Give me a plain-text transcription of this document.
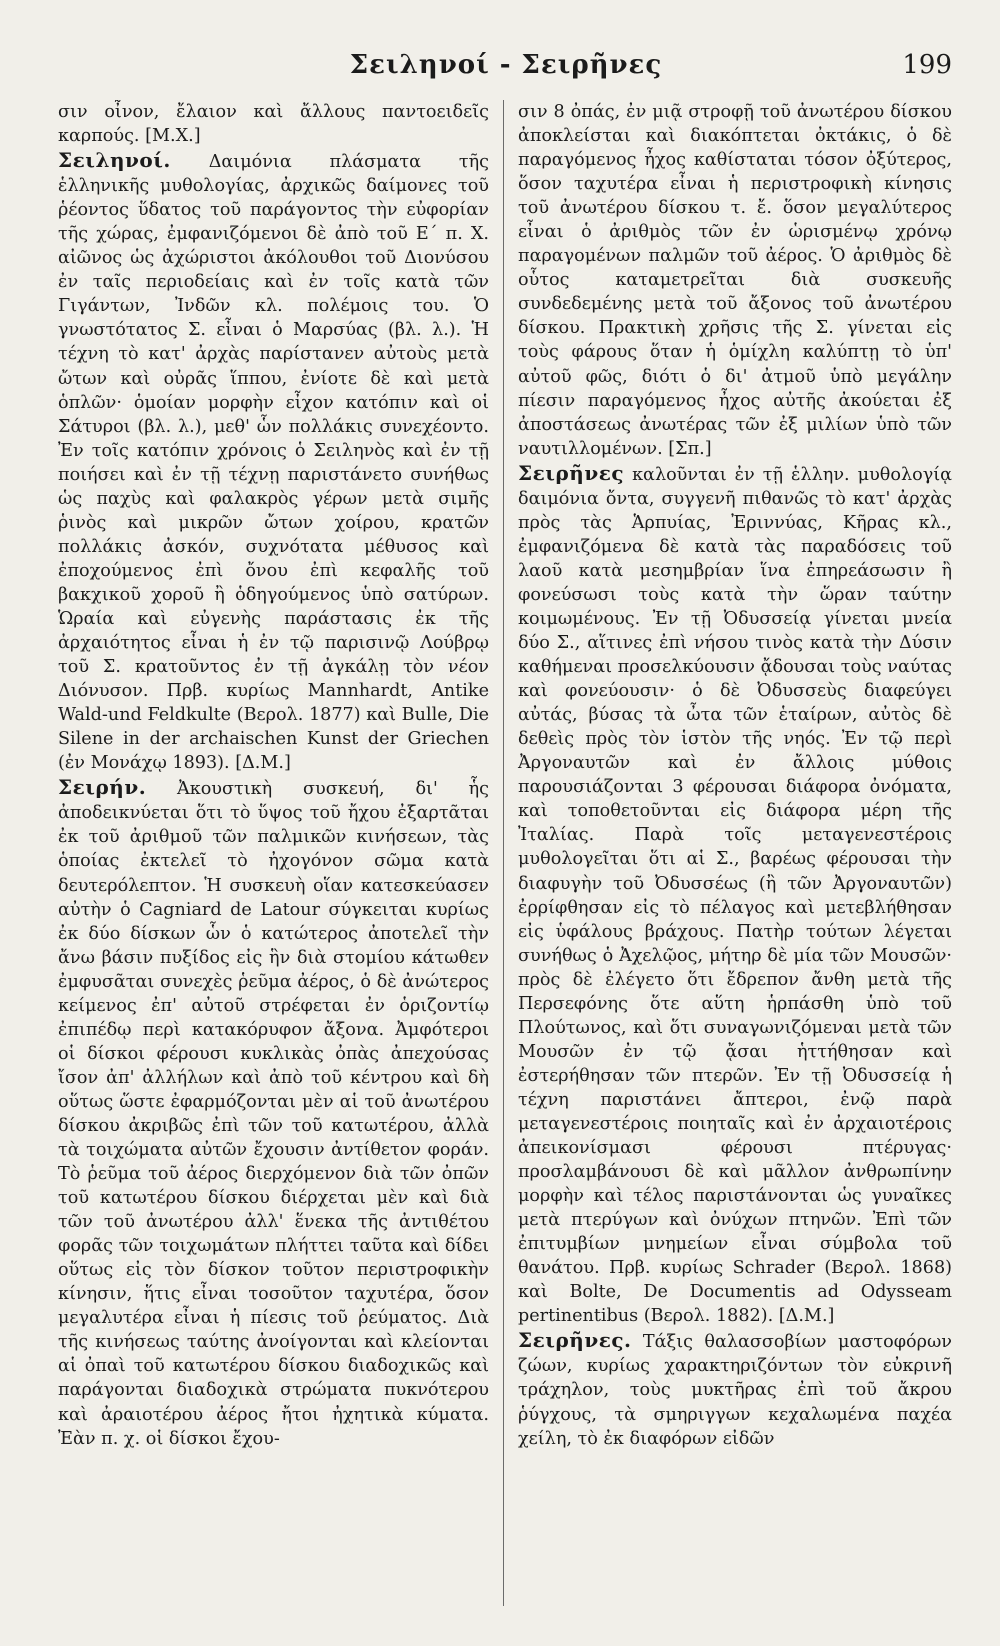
Σειληνοί - Σειρῆνες	199

σιν οἶνον, ἔλαιον καὶ ἄλλους παντοειδεῖς καρπούς. [Μ.Χ.]

Σειληνοί. Δαιμόνια πλάσματα τῆς ἑλληνικῆς μυθολογίας, ἀρχικῶς δαίμονες τοῦ ῥέοντος ὕδατος τοῦ παράγοντος τὴν εὐφορίαν τῆς χώρας, ἐμφανιζόμενοι δὲ ἀπὸ τοῦ Ε΄ π. Χ. αἰῶνος ὡς ἀχώριστοι ἀκόλουθοι τοῦ Διονύσου ἐν ταῖς περιοδείαις καὶ ἐν τοῖς κατὰ τῶν Γιγάντων, Ἰνδῶν κλ. πολέμοις του. Ὁ γνωστότατος Σ. εἶναι ὁ Μαρσύας (βλ. λ.). Ἡ τέχνη τὸ κατ' ἀρχὰς παρίστανεν αὐτοὺς μετὰ ὤτων καὶ οὐρᾶς ἵππου, ἐνίοτε δὲ καὶ μετὰ ὁπλῶν· ὁμοίαν μορφὴν εἶχον κατόπιν καὶ οἱ Σάτυροι (βλ. λ.), μεθ' ὧν πολλάκις συνεχέοντο. Ἐν τοῖς κατόπιν χρόνοις ὁ Σειληνὸς καὶ ἐν τῇ ποιήσει καὶ ἐν τῇ τέχνῃ παριστάνετο συνήθως ὡς παχὺς καὶ φαλακρὸς γέρων μετὰ σιμῆς ῥινὸς καὶ μικρῶν ὤτων χοίρου, κρατῶν πολλάκις ἀσκόν, συχνότατα μέθυσος καὶ ἐποχούμενος ἐπὶ ὄνου ἐπὶ κεφαλῆς τοῦ βακχικοῦ χοροῦ ἢ ὁδηγούμενος ὑπὸ σατύρων. Ὡραία καὶ εὐγενὴς παράστασις ἐκ τῆς ἀρχαιότητος εἶναι ἡ ἐν τῷ παρισινῷ Λούβρῳ τοῦ Σ. κρατοῦντος ἐν τῇ ἀγκάλῃ τὸν νέον Διόνυσον. Πρβ. κυρίως Mannhardt, Antike Wald-und Feldkulte (Βερολ. 1877) καὶ Bulle, Die Silene in der archaischen Kunst der Griechen (ἐν Μονάχῳ 1893). [Δ.Μ.]

Σειρήν. Ἀκουστικὴ συσκευή, δι' ἧς ἀποδεικνύεται ὅτι τὸ ὕψος τοῦ ἤχου ἐξαρτᾶται ἐκ τοῦ ἀριθμοῦ τῶν παλμικῶν κινήσεων, τὰς ὁποίας ἐκτελεῖ τὸ ἠχογόνον σῶμα κατὰ δευτερόλεπτον. Ἡ συσκευὴ οἵαν κατεσκεύασεν αὐτὴν ὁ Cagniard de Latour σύγκειται κυρίως ἐκ δύο δίσκων ὧν ὁ κατώτερος ἀποτελεῖ τὴν ἄνω βάσιν πυξίδος εἰς ἣν διὰ στομίου κάτωθεν ἐμφυσᾶται συνεχὲς ῥεῦμα ἀέρος, ὁ δὲ ἀνώτερος κείμενος ἐπ' αὐτοῦ στρέφεται ἐν ὁριζοντίῳ ἐπιπέδῳ περὶ κατακόρυφον ἄξονα. Ἀμφότεροι οἱ δίσκοι φέρουσι κυκλικὰς ὀπὰς ἀπεχούσας ἴσον ἀπ' ἀλλήλων καὶ ἀπὸ τοῦ κέντρου καὶ δὴ οὕτως ὥστε ἐφαρμόζονται μὲν αἱ τοῦ ἀνωτέρου δίσκου ἀκριβῶς ἐπὶ τῶν τοῦ κατωτέρου, ἀλλὰ τὰ τοιχώματα αὐτῶν ἔχουσιν ἀντίθετον φοράν. Τὸ ῥεῦμα τοῦ ἀέρος διερχόμενον διὰ τῶν ὀπῶν τοῦ κατωτέρου δίσκου διέρχεται μὲν καὶ διὰ τῶν τοῦ ἀνωτέρου ἀλλ' ἕνεκα τῆς ἀντιθέτου φορᾶς τῶν τοιχωμάτων πλήττει ταῦτα καὶ δίδει οὕτως εἰς τὸν δίσκον τοῦτον περιστροφικὴν κίνησιν, ἥτις εἶναι τοσοῦτον ταχυτέρα, ὅσον μεγαλυτέρα εἶναι ἡ πίεσις τοῦ ῥεύματος. Διὰ τῆς κινήσεως ταύτης ἀνοίγονται καὶ κλείονται αἱ ὀπαὶ τοῦ κατωτέρου δίσκου διαδοχικῶς καὶ παράγονται διαδοχικὰ στρώματα πυκνότερου καὶ ἀραιοτέρου ἀέρος ἤτοι ἠχητικὰ κύματα. Ἐὰν π. χ. οἱ δίσκοι ἔχου-

σιν 8 ὀπάς, ἐν μιᾷ στροφῇ τοῦ ἀνωτέρου δίσκου ἀποκλείσται καὶ διακόπτεται ὀκτάκις, ὁ δὲ παραγόμενος ἦχος καθίσταται τόσον ὀξύτερος, ὅσον ταχυτέρα εἶναι ἡ περιστροφικὴ κίνησις τοῦ ἀνωτέρου δίσκου τ. ἔ. ὅσον μεγαλύτερος εἶναι ὁ ἀριθμὸς τῶν ἐν ὡρισμένῳ χρόνῳ παραγομένων παλμῶν τοῦ ἀέρος. Ὁ ἀριθμὸς δὲ οὗτος καταμετρεῖται διὰ συσκευῆς συνδεδεμένης μετὰ τοῦ ἄξονος τοῦ ἀνωτέρου δίσκου. Πρακτικὴ χρῆσις τῆς Σ. γίνεται εἰς τοὺς φάρους ὅταν ἡ ὁμίχλη καλύπτῃ τὸ ὑπ' αὐτοῦ φῶς, διότι ὁ δι' ἀτμοῦ ὑπὸ μεγάλην πίεσιν παραγόμενος ἦχος αὐτῆς ἀκούεται ἐξ ἀποστάσεως ἀνωτέρας τῶν ἐξ μιλίων ὑπὸ τῶν ναυτιλλομένων. [Σπ.]

Σειρῆνες καλοῦνται ἐν τῇ ἑλλην. μυθολογίᾳ δαιμόνια ὄντα, συγγενῆ πιθανῶς τὸ κατ' ἀρχὰς πρὸς τὰς Ἁρπυίας, Ἐριννύας, Κῆρας κλ., ἐμφανιζόμενα δὲ κατὰ τὰς παραδόσεις τοῦ λαοῦ κατὰ μεσημβρίαν ἵνα ἐπηρεάσωσιν ἢ φονεύσωσι τοὺς κατὰ τὴν ὥραν ταύτην κοιμωμένους. Ἐν τῇ Ὀδυσσείᾳ γίνεται μνεία δύο Σ., αἵτινες ἐπὶ νήσου τινὸς κατὰ τὴν Δύσιν καθήμεναι προσελκύουσιν ᾄδουσαι τοὺς ναύτας καὶ φονεύουσιν· ὁ δὲ Ὀδυσσεὺς διαφεύγει αὐτάς, βύσας τὰ ὦτα τῶν ἑταίρων, αὐτὸς δὲ δεθεὶς πρὸς τὸν ἱστὸν τῆς νηός. Ἐν τῷ περὶ Ἀργοναυτῶν καὶ ἐν ἄλλοις μύθοις παρουσιάζονται 3 φέρουσαι διάφορα ὀνόματα, καὶ τοποθετοῦνται εἰς διάφορα μέρη τῆς Ἰταλίας. Παρὰ τοῖς μεταγενεστέροις μυθολογεῖται ὅτι αἱ Σ., βαρέως φέρουσαι τὴν διαφυγὴν τοῦ Ὀδυσσέως (ἢ τῶν Ἀργοναυτῶν) ἐρρίφθησαν εἰς τὸ πέλαγος καὶ μετεβλήθησαν εἰς ὑφάλους βράχους. Πατὴρ τούτων λέγεται συνήθως ὁ Ἀχελῷος, μήτηρ δὲ μία τῶν Μουσῶν· πρὸς δὲ ἐλέγετο ὅτι ἔδρεπον ἄνθη μετὰ τῆς Περσεφόνης ὅτε αὕτη ἡρπάσθη ὑπὸ τοῦ Πλούτωνος, καὶ ὅτι συναγωνιζόμεναι μετὰ τῶν Μουσῶν ἐν τῷ ᾄσαι ἡττήθησαν καὶ ἐστερήθησαν τῶν πτερῶν. Ἐν τῇ Ὀδυσσείᾳ ἡ τέχνη παριστάνει ἄπτεροι, ἐνῷ παρὰ μεταγενεστέροις ποιηταῖς καὶ ἐν ἀρχαιοτέροις ἀπεικονίσμασι φέρουσι πτέρυγας· προσλαμβάνουσι δὲ καὶ μᾶλλον ἀνθρωπίνην μορφὴν καὶ τέλος παριστάνονται ὡς γυναῖκες μετὰ πτερύγων καὶ ὀνύχων πτηνῶν. Ἐπὶ τῶν ἐπιτυμβίων μνημείων εἶναι σύμβολα τοῦ θανάτου. Πρβ. κυρίως Schrader (Βερολ. 1868) καὶ Bolte, De Documentis ad Odysseam pertinentibus (Βερολ. 1882). [Δ.Μ.]

Σειρῆνες. Τάξις θαλασσοβίων μαστοφόρων ζώων, κυρίως χαρακτηριζόντων τὸν εὐκρινῆ τράχηλον, τοὺς μυκτῆρας ἐπὶ τοῦ ἄκρου ῥύγχους, τὰ σμηριγγων κεχαλωμένα παχέα χείλη, τὸ ἐκ διαφόρων εἰδῶν
